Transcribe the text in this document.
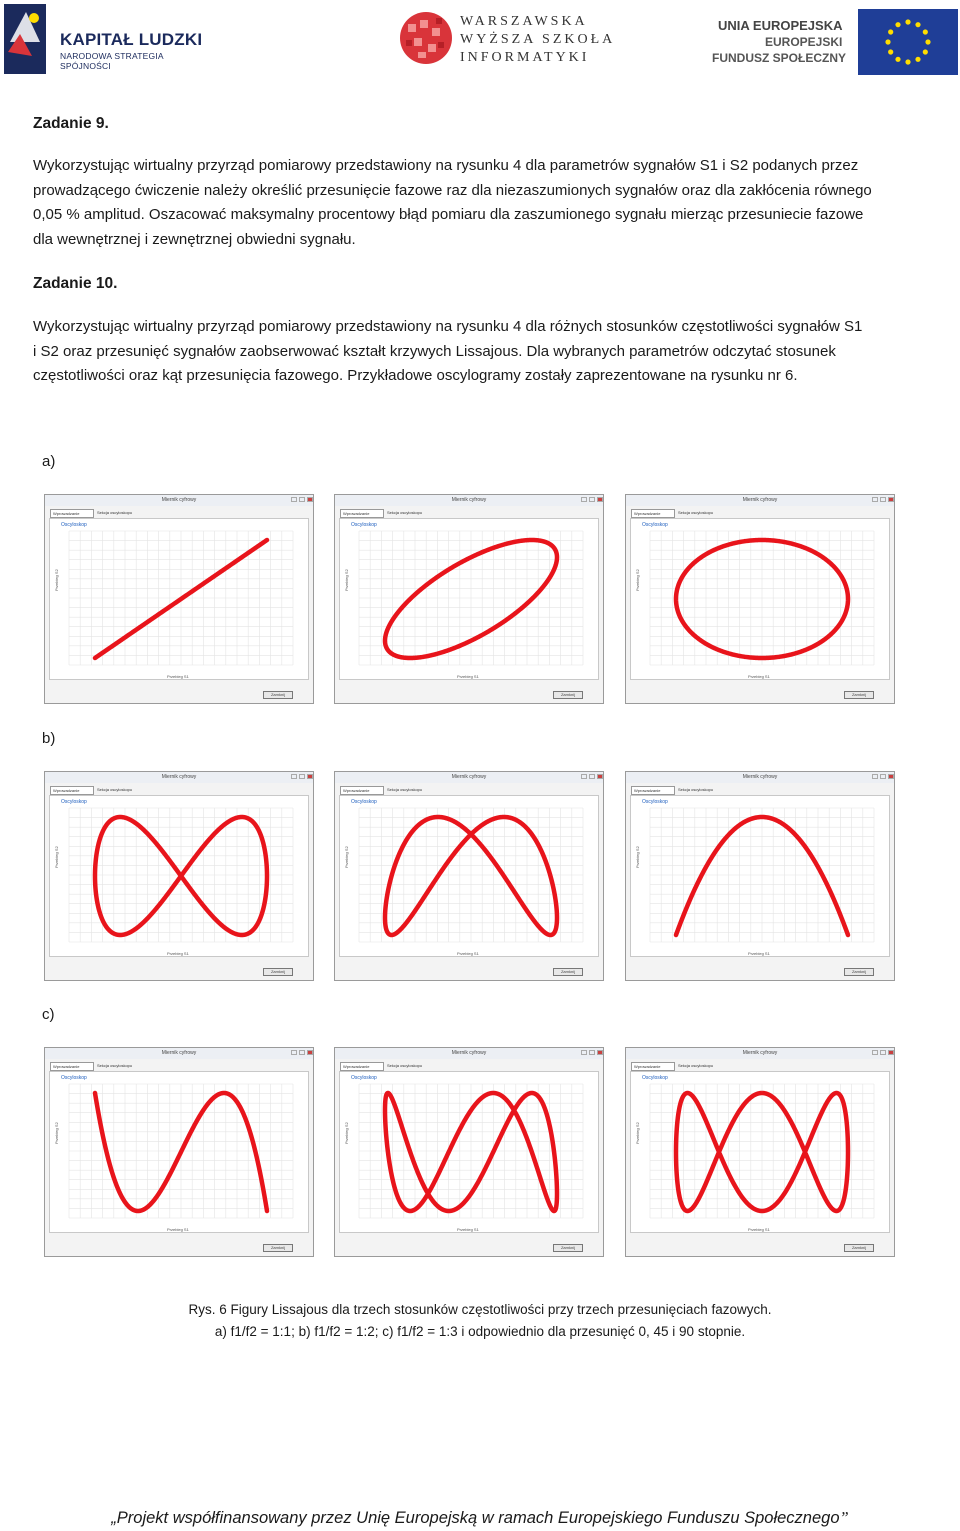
KAPITAŁ LUDZKI
NARODOWA STRATEGIA SPÓJNOŚCI
WARSZAWSKA
WYŻSZA SZKOŁA
INFORMATYKI
UNIA EUROPEJSKA
EUROPEJSKI
FUNDUSZ SPOŁECZNY
Zadanie 9.
Wykorzystując wirtualny przyrząd pomiarowy przedstawiony na rysunku 4 dla parametrów sygnałów S1 i S2 podanych przez
prowadzącego ćwiczenie należy określić przesunięcie fazowe raz dla niezaszumionych sygnałów oraz dla zakłócenia równego
0,05 % amplitud. Oszacować maksymalny procentowy błąd pomiaru dla zaszumionego sygnału mierząc przesuniecie fazowe
dla wewnętrznej i zewnętrznej obwiedni sygnału.
Zadanie 10.
Wykorzystując wirtualny przyrząd pomiarowy przedstawiony na rysunku 4 dla różnych stosunków częstotliwości sygnałów S1
i S2 oraz przesunięć sygnałów zaobserwować kształt krzywych Lissajous. Dla wybranych parametrów odczytać stosunek
częstotliwości oraz kąt przesunięcia fazowego. Przykładowe oscylogramy zostały zaprezentowane na rysunku nr 6.
a)
b)
c)
Miernik cyfrowy
Wprowadzanie	Sekcja oscyloskopu
Oscyloskop
Przebieg S2
Przebieg S1
Zamknij
Miernik cyfrowy
Wprowadzanie	Sekcja oscyloskopu
Oscyloskop
Przebieg S2
Przebieg S1
Zamknij
Miernik cyfrowy
Wprowadzanie	Sekcja oscyloskopu
Oscyloskop
Przebieg S2
Przebieg S1
Zamknij
Miernik cyfrowy
Wprowadzanie	Sekcja oscyloskopu
Oscyloskop
Przebieg S2
Przebieg S1
Zamknij
Miernik cyfrowy
Wprowadzanie	Sekcja oscyloskopu
Oscyloskop
Przebieg S2
Przebieg S1
Zamknij
Miernik cyfrowy
Wprowadzanie	Sekcja oscyloskopu
Oscyloskop
Przebieg S2
Przebieg S1
Zamknij
Miernik cyfrowy
Wprowadzanie	Sekcja oscyloskopu
Oscyloskop
Przebieg S2
Przebieg S1
Zamknij
Miernik cyfrowy
Wprowadzanie	Sekcja oscyloskopu
Oscyloskop
Przebieg S2
Przebieg S1
Zamknij
Miernik cyfrowy
Wprowadzanie	Sekcja oscyloskopu
Oscyloskop
Przebieg S2
Przebieg S1
Zamknij
Rys. 6 Figury Lissajous dla trzech stosunków częstotliwości przy trzech przesunięciach fazowych.
a) f1/f2 = 1:1; b) f1/f2 = 1:2; c) f1/f2 = 1:3 i odpowiednio dla przesunięć 0, 45 i 90 stopnie.
„Projekt współfinansowany przez Unię Europejską w ramach Europejskiego Funduszu Społecznego”
